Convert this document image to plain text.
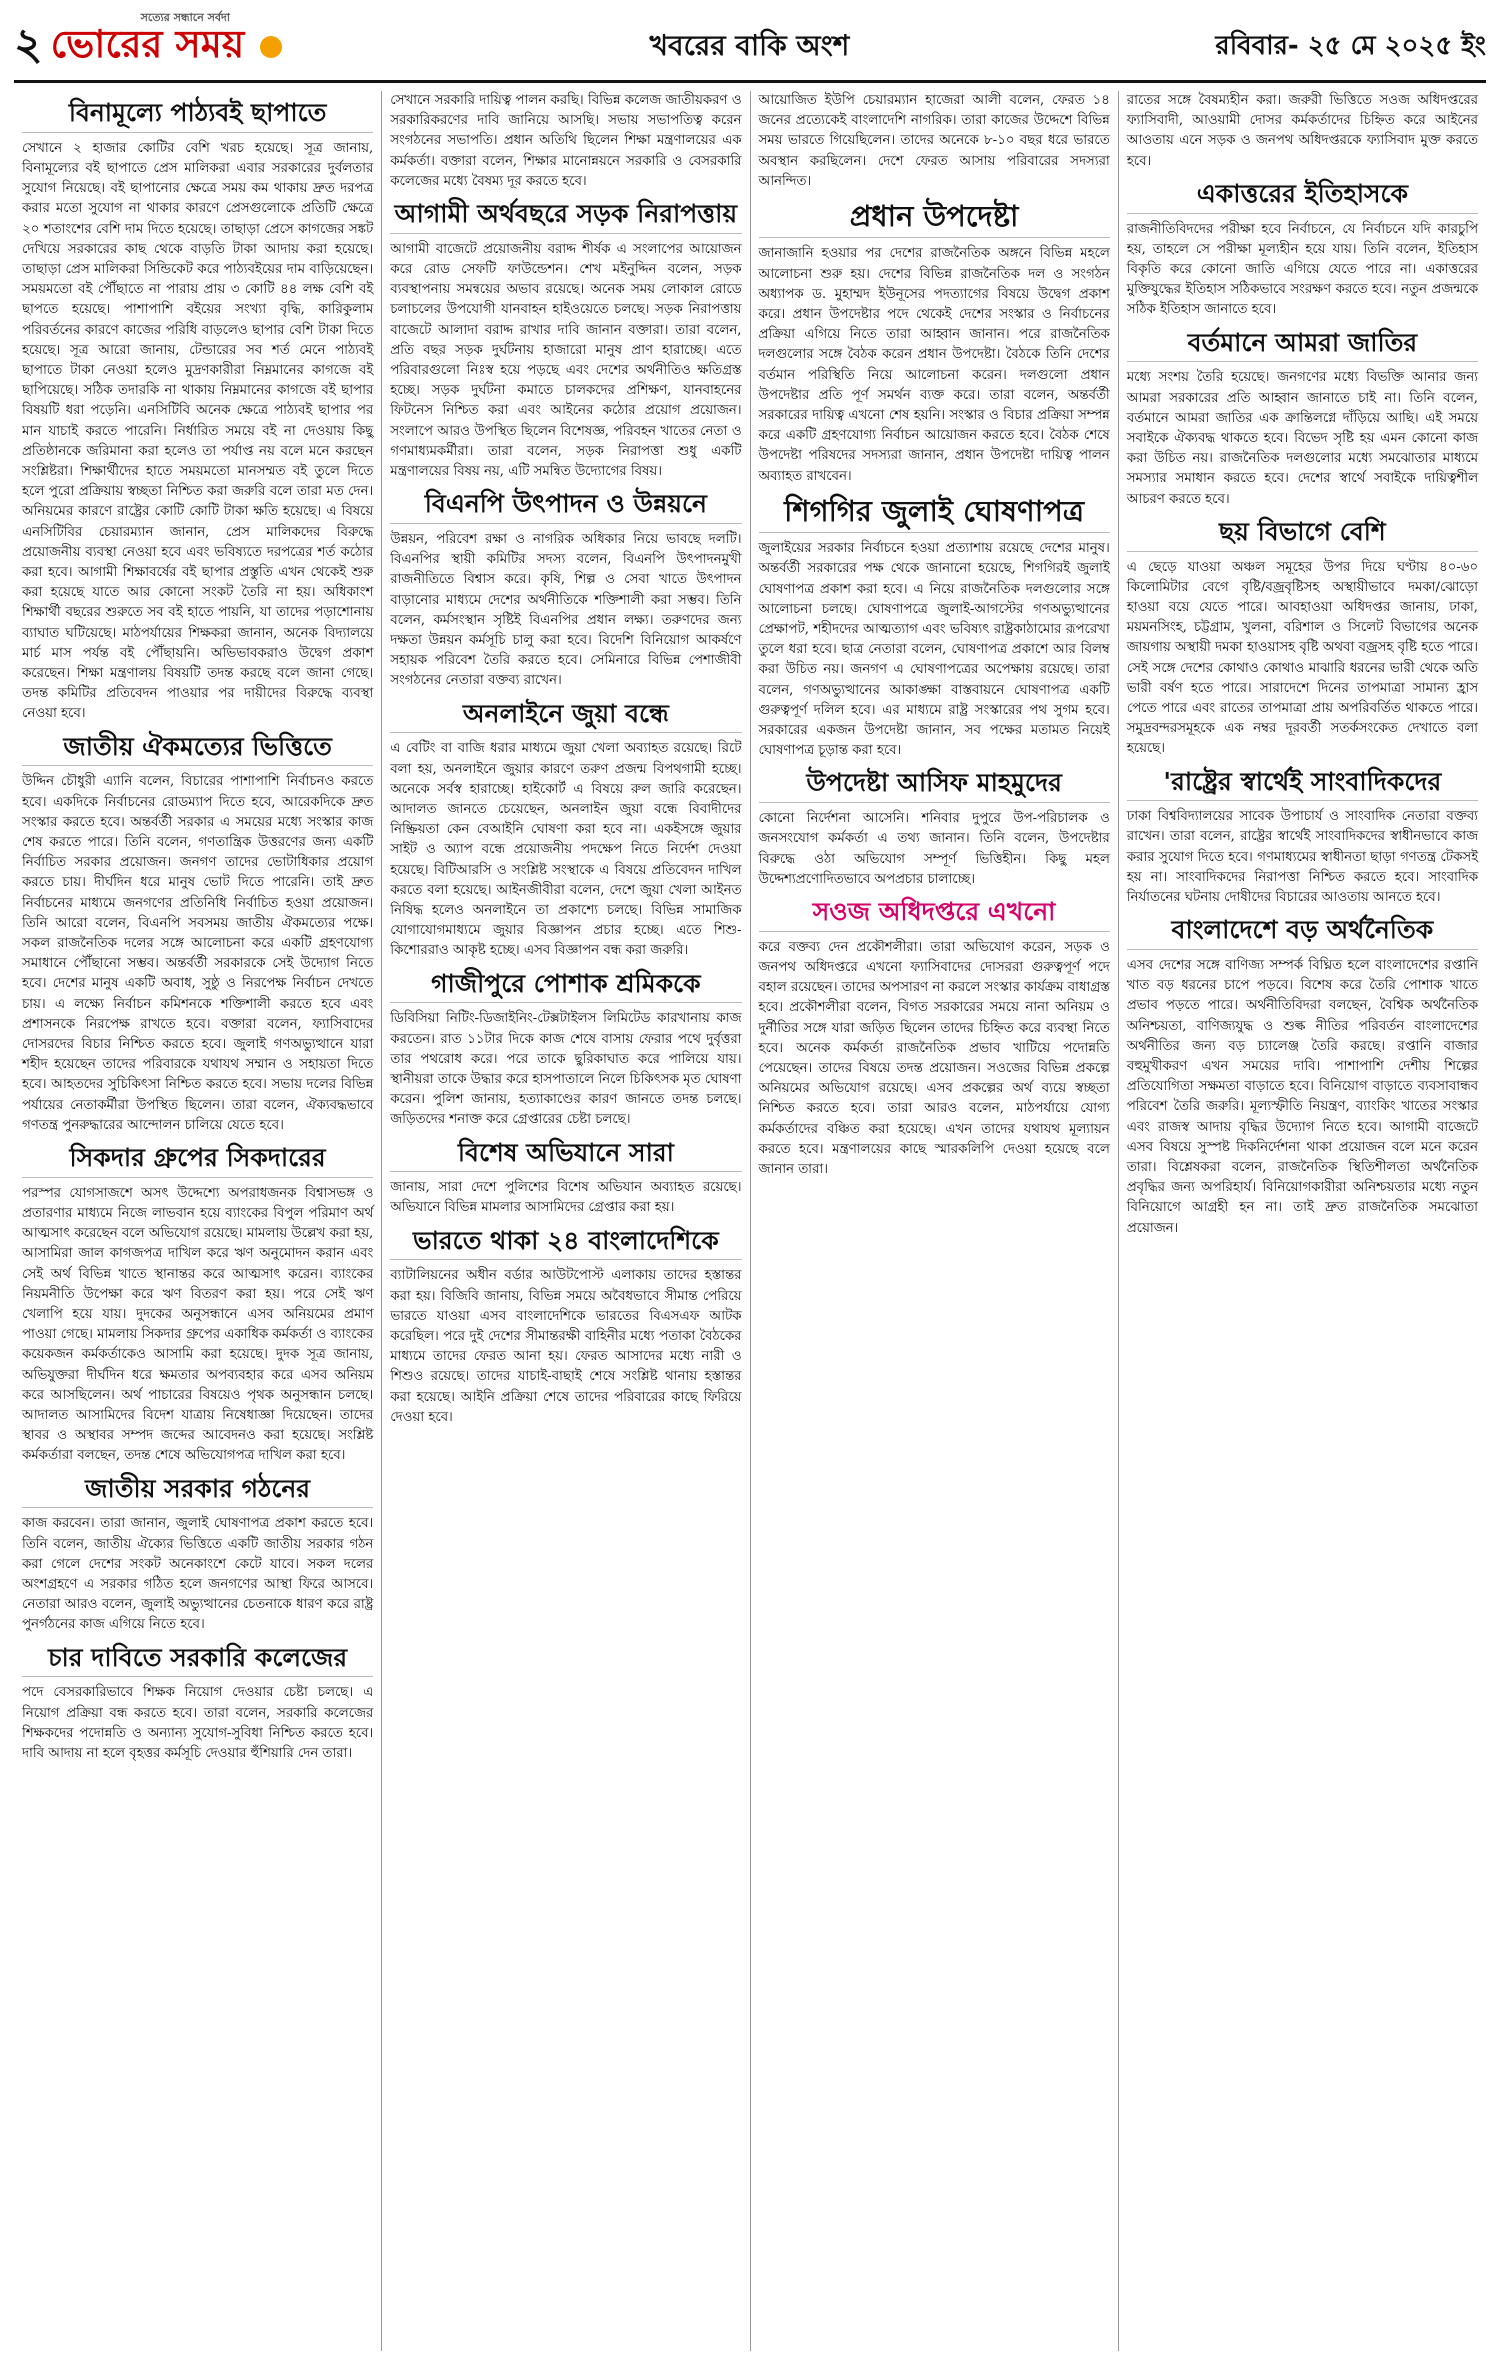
২
সত্যের সন্ধানে সর্বদা
ভোরের সময়	খবরের বাকি অংশ	রবিবার- ২৫ মে ২০২৫ ইং
বিনামূল্যে পাঠ্যবই ছাপাতে

সেখানে ২ হাজার কোটির বেশি খরচ হয়েছে। সূত্র জানায়, বিনামূল্যের বই ছাপাতে প্রেস মালিকরা এবার সরকারের দুর্বলতার সুযোগ নিয়েছে। বই ছাপানোর ক্ষেত্রে সময় কম থাকায় দ্রুত দরপত্র করার মতো সুযোগ না থাকার কারণে প্রেসগুলোকে প্রতিটি ক্ষেত্রে ২০ শতাংশের বেশি দাম দিতে হয়েছে। তাছাড়া প্রেসে কাগজের সঙ্কট দেখিয়ে সরকারের কাছ থেকে বাড়তি টাকা আদায় করা হয়েছে। তাছাড়া প্রেস মালিকরা সিন্ডিকেট করে পাঠ্যবইয়ের দাম বাড়িয়েছেন। সময়মতো বই পৌঁছাতে না পারায় প্রায় ৩ কোটি ৪৪ লক্ষ বেশি বই ছাপতে হয়েছে। পাশাপাশি বইয়ের সংখ্যা বৃদ্ধি, কারিকুলাম পরিবর্তনের কারণে কাজের পরিধি বাড়লেও ছাপার বেশি টাকা দিতে হয়েছে। সূত্র আরো জানায়, টেন্ডারের সব শর্ত মেনে পাঠ্যবই ছাপাতে টাকা নেওয়া হলেও মুদ্রণকারীরা নিম্নমানের কাগজে বই ছাপিয়েছে। সঠিক তদারকি না থাকায় নিম্নমানের কাগজে বই ছাপার বিষয়টি ধরা পড়েনি। এনসিটিবি অনেক ক্ষেত্রে পাঠ্যবই ছাপার পর মান যাচাই করতে পারেনি। নির্ধারিত সময়ে বই না দেওয়ায় কিছু প্রতিষ্ঠানকে জরিমানা করা হলেও তা পর্যাপ্ত নয় বলে মনে করছেন সংশ্লিষ্টরা। শিক্ষার্থীদের হাতে সময়মতো মানসম্মত বই তুলে দিতে হলে পুরো প্রক্রিয়ায় স্বচ্ছতা নিশ্চিত করা জরুরি বলে তারা মত দেন। অনিয়মের কারণে রাষ্ট্রের কোটি কোটি টাকা ক্ষতি হয়েছে। এ বিষয়ে এনসিটিবির চেয়ারম্যান জানান, প্রেস মালিকদের বিরুদ্ধে প্রয়োজনীয় ব্যবস্থা নেওয়া হবে এবং ভবিষ্যতে দরপত্রের শর্ত কঠোর করা হবে। আগামী শিক্ষাবর্ষের বই ছাপার প্রস্তুতি এখন থেকেই শুরু করা হয়েছে যাতে আর কোনো সংকট তৈরি না হয়। অধিকাংশ শিক্ষার্থী বছরের শুরুতে সব বই হাতে পায়নি, যা তাদের পড়াশোনায় ব্যাঘাত ঘটিয়েছে। মাঠপর্যায়ের শিক্ষকরা জানান, অনেক বিদ্যালয়ে মার্চ মাস পর্যন্ত বই পৌঁছায়নি। অভিভাবকরাও উদ্বেগ প্রকাশ করেছেন। শিক্ষা মন্ত্রণালয় বিষয়টি তদন্ত করছে বলে জানা গেছে। তদন্ত কমিটির প্রতিবেদন পাওয়ার পর দায়ীদের বিরুদ্ধে ব্যবস্থা নেওয়া হবে।

জাতীয় ঐকমত্যের ভিত্তিতে

উদ্দিন চৌধুরী এ্যানি বলেন, বিচারের পাশাপাশি নির্বাচনও করতে হবে। একদিকে নির্বাচনের রোডম্যাপ দিতে হবে, আরেকদিকে দ্রুত সংস্কার করতে হবে। অন্তর্বর্তী সরকার এ সময়ের মধ্যে সংস্কার কাজ শেষ করতে পারে। তিনি বলেন, গণতান্ত্রিক উত্তরণের জন্য একটি নির্বাচিত সরকার প্রয়োজন। জনগণ তাদের ভোটাধিকার প্রয়োগ করতে চায়। দীর্ঘদিন ধরে মানুষ ভোট দিতে পারেনি। তাই দ্রুত নির্বাচনের মাধ্যমে জনগণের প্রতিনিধি নির্বাচিত হওয়া প্রয়োজন। তিনি আরো বলেন, বিএনপি সবসময় জাতীয় ঐকমত্যের পক্ষে। সকল রাজনৈতিক দলের সঙ্গে আলোচনা করে একটি গ্রহণযোগ্য সমাধানে পৌঁছানো সম্ভব। অন্তর্বর্তী সরকারকে সেই উদ্যোগ নিতে হবে। দেশের মানুষ একটি অবাধ, সুষ্ঠু ও নিরপেক্ষ নির্বাচন দেখতে চায়। এ লক্ষ্যে নির্বাচন কমিশনকে শক্তিশালী করতে হবে এবং প্রশাসনকে নিরপেক্ষ রাখতে হবে। বক্তারা বলেন, ফ্যাসিবাদের দোসরদের বিচার নিশ্চিত করতে হবে। জুলাই গণঅভ্যুত্থানে যারা শহীদ হয়েছেন তাদের পরিবারকে যথাযথ সম্মান ও সহায়তা দিতে হবে। আহতদের সুচিকিৎসা নিশ্চিত করতে হবে। সভায় দলের বিভিন্ন পর্যায়ের নেতাকর্মীরা উপস্থিত ছিলেন। তারা বলেন, ঐক্যবদ্ধভাবে গণতন্ত্র পুনরুদ্ধারের আন্দোলন চালিয়ে যেতে হবে।

সিকদার গ্রুপের সিকদারের

পরস্পর যোগসাজশে অসৎ উদ্দেশ্যে অপরাধজনক বিশ্বাসভঙ্গ ও প্রতারণার মাধ্যমে নিজে লাভবান হয়ে ব্যাংকের বিপুল পরিমাণ অর্থ আত্মসাৎ করেছেন বলে অভিযোগ রয়েছে। মামলায় উল্লেখ করা হয়, আসামিরা জাল কাগজপত্র দাখিল করে ঋণ অনুমোদন করান এবং সেই অর্থ বিভিন্ন খাতে স্থানান্তর করে আত্মসাৎ করেন। ব্যাংকের নিয়মনীতি উপেক্ষা করে ঋণ বিতরণ করা হয়। পরে সেই ঋণ খেলাপি হয়ে যায়। দুদকের অনুসন্ধানে এসব অনিয়মের প্রমাণ পাওয়া গেছে। মামলায় সিকদার গ্রুপের একাধিক কর্মকর্তা ও ব্যাংকের কয়েকজন কর্মকর্তাকেও আসামি করা হয়েছে। দুদক সূত্র জানায়, অভিযুক্তরা দীর্ঘদিন ধরে ক্ষমতার অপব্যবহার করে এসব অনিয়ম করে আসছিলেন। অর্থ পাচারের বিষয়েও পৃথক অনুসন্ধান চলছে। আদালত আসামিদের বিদেশ যাত্রায় নিষেধাজ্ঞা দিয়েছেন। তাদের স্থাবর ও অস্থাবর সম্পদ জব্দের আবেদনও করা হয়েছে। সংশ্লিষ্ট কর্মকর্তারা বলছেন, তদন্ত শেষে অভিযোগপত্র দাখিল করা হবে।

জাতীয় সরকার গঠনের

কাজ করবেন। তারা জানান, জুলাই ঘোষণাপত্র প্রকাশ করতে হবে। তিনি বলেন, জাতীয় ঐক্যের ভিত্তিতে একটি জাতীয় সরকার গঠন করা গেলে দেশের সংকট অনেকাংশে কেটে যাবে। সকল দলের অংশগ্রহণে এ সরকার গঠিত হলে জনগণের আস্থা ফিরে আসবে। নেতারা আরও বলেন, জুলাই অভ্যুত্থানের চেতনাকে ধারণ করে রাষ্ট্র পুনর্গঠনের কাজ এগিয়ে নিতে হবে।

চার দাবিতে সরকারি কলেজের

পদে বেসরকারিভাবে শিক্ষক নিয়োগ দেওয়ার চেষ্টা চলছে। এ নিয়োগ প্রক্রিয়া বন্ধ করতে হবে। তারা বলেন, সরকারি কলেজের শিক্ষকদের পদোন্নতি ও অন্যান্য সুযোগ-সুবিধা নিশ্চিত করতে হবে। দাবি আদায় না হলে বৃহত্তর কর্মসূচি দেওয়ার হুঁশিয়ারি দেন তারা।

সেখানে সরকারি দায়িত্ব পালন করছি। বিভিন্ন কলেজ জাতীয়করণ ও সরকারিকরণের দাবি জানিয়ে আসছি। সভায় সভাপতিত্ব করেন সংগঠনের সভাপতি। প্রধান অতিথি ছিলেন শিক্ষা মন্ত্রণালয়ের এক কর্মকর্তা। বক্তারা বলেন, শিক্ষার মানোন্নয়নে সরকারি ও বেসরকারি কলেজের মধ্যে বৈষম্য দূর করতে হবে।

আগামী অর্থবছরে সড়ক নিরাপত্তায়

আগামী বাজেটে প্রয়োজনীয় বরাদ্দ শীর্ষক এ সংলাপের আয়োজন করে রোড সেফটি ফাউন্ডেশন। শেখ মইনুদ্দিন বলেন, সড়ক ব্যবস্থাপনায় সমন্বয়ের অভাব রয়েছে। অনেক সময় লোকাল রোডে চলাচলের উপযোগী যানবাহন হাইওয়েতে চলছে। সড়ক নিরাপত্তায় বাজেটে আলাদা বরাদ্দ রাখার দাবি জানান বক্তারা। তারা বলেন, প্রতি বছর সড়ক দুর্ঘটনায় হাজারো মানুষ প্রাণ হারাচ্ছে। এতে পরিবারগুলো নিঃস্ব হয়ে পড়ছে এবং দেশের অর্থনীতিও ক্ষতিগ্রস্ত হচ্ছে। সড়ক দুর্ঘটনা কমাতে চালকদের প্রশিক্ষণ, যানবাহনের ফিটনেস নিশ্চিত করা এবং আইনের কঠোর প্রয়োগ প্রয়োজন। সংলাপে আরও উপস্থিত ছিলেন বিশেষজ্ঞ, পরিবহন খাতের নেতা ও গণমাধ্যমকর্মীরা। তারা বলেন, সড়ক নিরাপত্তা শুধু একটি মন্ত্রণালয়ের বিষয় নয়, এটি সমন্বিত উদ্যোগের বিষয়।

বিএনপি উৎপাদন ও উন্নয়নে

উন্নয়ন, পরিবেশ রক্ষা ও নাগরিক অধিকার নিয়ে ভাবছে দলটি। বিএনপির স্থায়ী কমিটির সদস্য বলেন, বিএনপি উৎপাদনমুখী রাজনীতিতে বিশ্বাস করে। কৃষি, শিল্প ও সেবা খাতে উৎপাদন বাড়ানোর মাধ্যমে দেশের অর্থনীতিকে শক্তিশালী করা সম্ভব। তিনি বলেন, কর্মসংস্থান সৃষ্টিই বিএনপির প্রধান লক্ষ্য। তরুণদের জন্য দক্ষতা উন্নয়ন কর্মসূচি চালু করা হবে। বিদেশি বিনিয়োগ আকর্ষণে সহায়ক পরিবেশ তৈরি করতে হবে। সেমিনারে বিভিন্ন পেশাজীবী সংগঠনের নেতারা বক্তব্য রাখেন।

অনলাইনে জুয়া বন্ধে

এ বেটিং বা বাজি ধরার মাধ্যমে জুয়া খেলা অব্যাহত রয়েছে। রিটে বলা হয়, অনলাইনে জুয়ার কারণে তরুণ প্রজন্ম বিপথগামী হচ্ছে। অনেকে সর্বস্ব হারাচ্ছে। হাইকোর্ট এ বিষয়ে রুল জারি করেছেন। আদালত জানতে চেয়েছেন, অনলাইন জুয়া বন্ধে বিবাদীদের নিষ্ক্রিয়তা কেন বেআইনি ঘোষণা করা হবে না। একইসঙ্গে জুয়ার সাইট ও অ্যাপ বন্ধে প্রয়োজনীয় পদক্ষেপ নিতে নির্দেশ দেওয়া হয়েছে। বিটিআরসি ও সংশ্লিষ্ট সংস্থাকে এ বিষয়ে প্রতিবেদন দাখিল করতে বলা হয়েছে। আইনজীবীরা বলেন, দেশে জুয়া খেলা আইনত নিষিদ্ধ হলেও অনলাইনে তা প্রকাশ্যে চলছে। বিভিন্ন সামাজিক যোগাযোগমাধ্যমে জুয়ার বিজ্ঞাপন প্রচার হচ্ছে। এতে শিশু-কিশোররাও আকৃষ্ট হচ্ছে। এসব বিজ্ঞাপন বন্ধ করা জরুরি।

গাজীপুরে পোশাক শ্রমিককে

ডিবিসিয়া নিটিং-ডিজাইনিং-টেক্সটাইলস লিমিটেড কারখানায় কাজ করতেন। রাত ১১টার দিকে কাজ শেষে বাসায় ফেরার পথে দুর্বৃত্তরা তার পথরোধ করে। পরে তাকে ছুরিকাঘাত করে পালিয়ে যায়। স্থানীয়রা তাকে উদ্ধার করে হাসপাতালে নিলে চিকিৎসক মৃত ঘোষণা করেন। পুলিশ জানায়, হত্যাকাণ্ডের কারণ জানতে তদন্ত চলছে। জড়িতদের শনাক্ত করে গ্রেপ্তারের চেষ্টা চলছে।

বিশেষ অভিযানে সারা

জানায়, সারা দেশে পুলিশের বিশেষ অভিযান অব্যাহত রয়েছে। অভিযানে বিভিন্ন মামলার আসামিদের গ্রেপ্তার করা হয়।

ভারতে থাকা ২৪ বাংলাদেশিকে

ব্যাটালিয়নের অধীন বর্ডার আউটপোস্ট এলাকায় তাদের হস্তান্তর করা হয়। বিজিবি জানায়, বিভিন্ন সময়ে অবৈধভাবে সীমান্ত পেরিয়ে ভারতে যাওয়া এসব বাংলাদেশিকে ভারতের বিএসএফ আটক করেছিল। পরে দুই দেশের সীমান্তরক্ষী বাহিনীর মধ্যে পতাকা বৈঠকের মাধ্যমে তাদের ফেরত আনা হয়। ফেরত আসাদের মধ্যে নারী ও শিশুও রয়েছে। তাদের যাচাই-বাছাই শেষে সংশ্লিষ্ট থানায় হস্তান্তর করা হয়েছে। আইনি প্রক্রিয়া শেষে তাদের পরিবারের কাছে ফিরিয়ে দেওয়া হবে।

আয়োজিত ইউপি চেয়ারম্যান হাজেরা আলী বলেন, ফেরত ১৪ জনের প্রত্যেকেই বাংলাদেশি নাগরিক। তারা কাজের উদ্দেশে বিভিন্ন সময় ভারতে গিয়েছিলেন। তাদের অনেকে ৮-১০ বছর ধরে ভারতে অবস্থান করছিলেন। দেশে ফেরত আসায় পরিবারের সদস্যরা আনন্দিত।

প্রধান উপদেষ্টা

জানাজানি হওয়ার পর দেশের রাজনৈতিক অঙ্গনে বিভিন্ন মহলে আলোচনা শুরু হয়। দেশের বিভিন্ন রাজনৈতিক দল ও সংগঠন অধ্যাপক ড. মুহাম্মদ ইউনূসের পদত্যাগের বিষয়ে উদ্বেগ প্রকাশ করে। প্রধান উপদেষ্টার পদে থেকেই দেশের সংস্কার ও নির্বাচনের প্রক্রিয়া এগিয়ে নিতে তারা আহ্বান জানান। পরে রাজনৈতিক দলগুলোর সঙ্গে বৈঠক করেন প্রধান উপদেষ্টা। বৈঠকে তিনি দেশের বর্তমান পরিস্থিতি নিয়ে আলোচনা করেন। দলগুলো প্রধান উপদেষ্টার প্রতি পূর্ণ সমর্থন ব্যক্ত করে। তারা বলেন, অন্তর্বর্তী সরকারের দায়িত্ব এখনো শেষ হয়নি। সংস্কার ও বিচার প্রক্রিয়া সম্পন্ন করে একটি গ্রহণযোগ্য নির্বাচন আয়োজন করতে হবে। বৈঠক শেষে উপদেষ্টা পরিষদের সদস্যরা জানান, প্রধান উপদেষ্টা দায়িত্ব পালন অব্যাহত রাখবেন।

শিগগির জুলাই ঘোষণাপত্র

জুলাইয়ের সরকার নির্বাচনে হওয়া প্রত্যাশায় রয়েছে দেশের মানুষ। অন্তর্বর্তী সরকারের পক্ষ থেকে জানানো হয়েছে, শিগগিরই জুলাই ঘোষণাপত্র প্রকাশ করা হবে। এ নিয়ে রাজনৈতিক দলগুলোর সঙ্গে আলোচনা চলছে। ঘোষণাপত্রে জুলাই-আগস্টের গণঅভ্যুত্থানের প্রেক্ষাপট, শহীদদের আত্মত্যাগ এবং ভবিষ্যৎ রাষ্ট্রকাঠামোর রূপরেখা তুলে ধরা হবে। ছাত্র নেতারা বলেন, ঘোষণাপত্র প্রকাশে আর বিলম্ব করা উচিত নয়। জনগণ এ ঘোষণাপত্রের অপেক্ষায় রয়েছে। তারা বলেন, গণঅভ্যুত্থানের আকাঙ্ক্ষা বাস্তবায়নে ঘোষণাপত্র একটি গুরুত্বপূর্ণ দলিল হবে। এর মাধ্যমে রাষ্ট্র সংস্কারের পথ সুগম হবে। সরকারের একজন উপদেষ্টা জানান, সব পক্ষের মতামত নিয়েই ঘোষণাপত্র চূড়ান্ত করা হবে।

উপদেষ্টা আসিফ মাহমুদের

কোনো নির্দেশনা আসেনি। শনিবার দুপুরে উপ-পরিচালক ও জনসংযোগ কর্মকর্তা এ তথ্য জানান। তিনি বলেন, উপদেষ্টার বিরুদ্ধে ওঠা অভিযোগ সম্পূর্ণ ভিত্তিহীন। কিছু মহল উদ্দেশ্যপ্রণোদিতভাবে অপপ্রচার চালাচ্ছে।

সওজ অধিদপ্তরে এখনো

করে বক্তব্য দেন প্রকৌশলীরা। তারা অভিযোগ করেন, সড়ক ও জনপথ অধিদপ্তরে এখনো ফ্যাসিবাদের দোসররা গুরুত্বপূর্ণ পদে বহাল রয়েছেন। তাদের অপসারণ না করলে সংস্কার কার্যক্রম বাধাগ্রস্ত হবে। প্রকৌশলীরা বলেন, বিগত সরকারের সময়ে নানা অনিয়ম ও দুর্নীতির সঙ্গে যারা জড়িত ছিলেন তাদের চিহ্নিত করে ব্যবস্থা নিতে হবে। অনেক কর্মকর্তা রাজনৈতিক প্রভাব খাটিয়ে পদোন্নতি পেয়েছেন। তাদের বিষয়ে তদন্ত প্রয়োজন। সওজের বিভিন্ন প্রকল্পে অনিয়মের অভিযোগ রয়েছে। এসব প্রকল্পের অর্থ ব্যয়ে স্বচ্ছতা নিশ্চিত করতে হবে। তারা আরও বলেন, মাঠপর্যায়ে যোগ্য কর্মকর্তাদের বঞ্চিত করা হয়েছে। এখন তাদের যথাযথ মূল্যায়ন করতে হবে। মন্ত্রণালয়ের কাছে স্মারকলিপি দেওয়া হয়েছে বলে জানান তারা।

রাতের সঙ্গে বৈষম্যহীন করা। জরুরী ভিত্তিতে সওজ অধিদপ্তরের ফ্যাসিবাদী, আওয়ামী দোসর কর্মকর্তাদের চিহ্নিত করে আইনের আওতায় এনে সড়ক ও জনপথ অধিদপ্তরকে ফ্যাসিবাদ মুক্ত করতে হবে।

একাত্তরের ইতিহাসকে

রাজনীতিবিদদের পরীক্ষা হবে নির্বাচনে, যে নির্বাচনে যদি কারচুপি হয়, তাহলে সে পরীক্ষা মূল্যহীন হয়ে যায়। তিনি বলেন, ইতিহাস বিকৃতি করে কোনো জাতি এগিয়ে যেতে পারে না। একাত্তরের মুক্তিযুদ্ধের ইতিহাস সঠিকভাবে সংরক্ষণ করতে হবে। নতুন প্রজন্মকে সঠিক ইতিহাস জানাতে হবে।

বর্তমানে আমরা জাতির

মধ্যে সংশয় তৈরি হয়েছে। জনগণের মধ্যে বিভক্তি আনার জন্য আমরা সরকারের প্রতি আহ্বান জানাতে চাই না। তিনি বলেন, বর্তমানে আমরা জাতির এক ক্রান্তিলগ্নে দাঁড়িয়ে আছি। এই সময়ে সবাইকে ঐক্যবদ্ধ থাকতে হবে। বিভেদ সৃষ্টি হয় এমন কোনো কাজ করা উচিত নয়। রাজনৈতিক দলগুলোর মধ্যে সমঝোতার মাধ্যমে সমস্যার সমাধান করতে হবে। দেশের স্বার্থে সবাইকে দায়িত্বশীল আচরণ করতে হবে।

ছয় বিভাগে বেশি

এ ছেড়ে যাওয়া অঞ্চল সমূহের উপর দিয়ে ঘণ্টায় ৪০-৬০ কিলোমিটার বেগে বৃষ্টি/বজ্রবৃষ্টিসহ অস্থায়ীভাবে দমকা/ঝোড়ো হাওয়া বয়ে যেতে পারে। আবহাওয়া অধিদপ্তর জানায়, ঢাকা, ময়মনসিংহ, চট্টগ্রাম, খুলনা, বরিশাল ও সিলেট বিভাগের অনেক জায়গায় অস্থায়ী দমকা হাওয়াসহ বৃষ্টি অথবা বজ্রসহ বৃষ্টি হতে পারে। সেই সঙ্গে দেশের কোথাও কোথাও মাঝারি ধরনের ভারী থেকে অতি ভারী বর্ষণ হতে পারে। সারাদেশে দিনের তাপমাত্রা সামান্য হ্রাস পেতে পারে এবং রাতের তাপমাত্রা প্রায় অপরিবর্তিত থাকতে পারে। সমুদ্রবন্দরসমূহকে এক নম্বর দূরবর্তী সতর্কসংকেত দেখাতে বলা হয়েছে।

'রাষ্ট্রের স্বার্থেই সাংবাদিকদের

ঢাকা বিশ্ববিদ্যালয়ের সাবেক উপাচার্য ও সাংবাদিক নেতারা বক্তব্য রাখেন। তারা বলেন, রাষ্ট্রের স্বার্থেই সাংবাদিকদের স্বাধীনভাবে কাজ করার সুযোগ দিতে হবে। গণমাধ্যমের স্বাধীনতা ছাড়া গণতন্ত্র টেকসই হয় না। সাংবাদিকদের নিরাপত্তা নিশ্চিত করতে হবে। সাংবাদিক নির্যাতনের ঘটনায় দোষীদের বিচারের আওতায় আনতে হবে।

বাংলাদেশে বড় অর্থনৈতিক

এসব দেশের সঙ্গে বাণিজ্য সম্পর্ক বিঘ্নিত হলে বাংলাদেশের রপ্তানি খাত বড় ধরনের চাপে পড়বে। বিশেষ করে তৈরি পোশাক খাতে প্রভাব পড়তে পারে। অর্থনীতিবিদরা বলছেন, বৈশ্বিক অর্থনৈতিক অনিশ্চয়তা, বাণিজ্যযুদ্ধ ও শুল্ক নীতির পরিবর্তন বাংলাদেশের অর্থনীতির জন্য বড় চ্যালেঞ্জ তৈরি করছে। রপ্তানি বাজার বহুমুখীকরণ এখন সময়ের দাবি। পাশাপাশি দেশীয় শিল্পের প্রতিযোগিতা সক্ষমতা বাড়াতে হবে। বিনিয়োগ বাড়াতে ব্যবসাবান্ধব পরিবেশ তৈরি জরুরি। মূল্যস্ফীতি নিয়ন্ত্রণ, ব্যাংকিং খাতের সংস্কার এবং রাজস্ব আদায় বৃদ্ধির উদ্যোগ নিতে হবে। আগামী বাজেটে এসব বিষয়ে সুস্পষ্ট দিকনির্দেশনা থাকা প্রয়োজন বলে মনে করেন তারা। বিশ্লেষকরা বলেন, রাজনৈতিক স্থিতিশীলতা অর্থনৈতিক প্রবৃদ্ধির জন্য অপরিহার্য। বিনিয়োগকারীরা অনিশ্চয়তার মধ্যে নতুন বিনিয়োগে আগ্রহী হন না। তাই দ্রুত রাজনৈতিক সমঝোতা প্রয়োজন।
